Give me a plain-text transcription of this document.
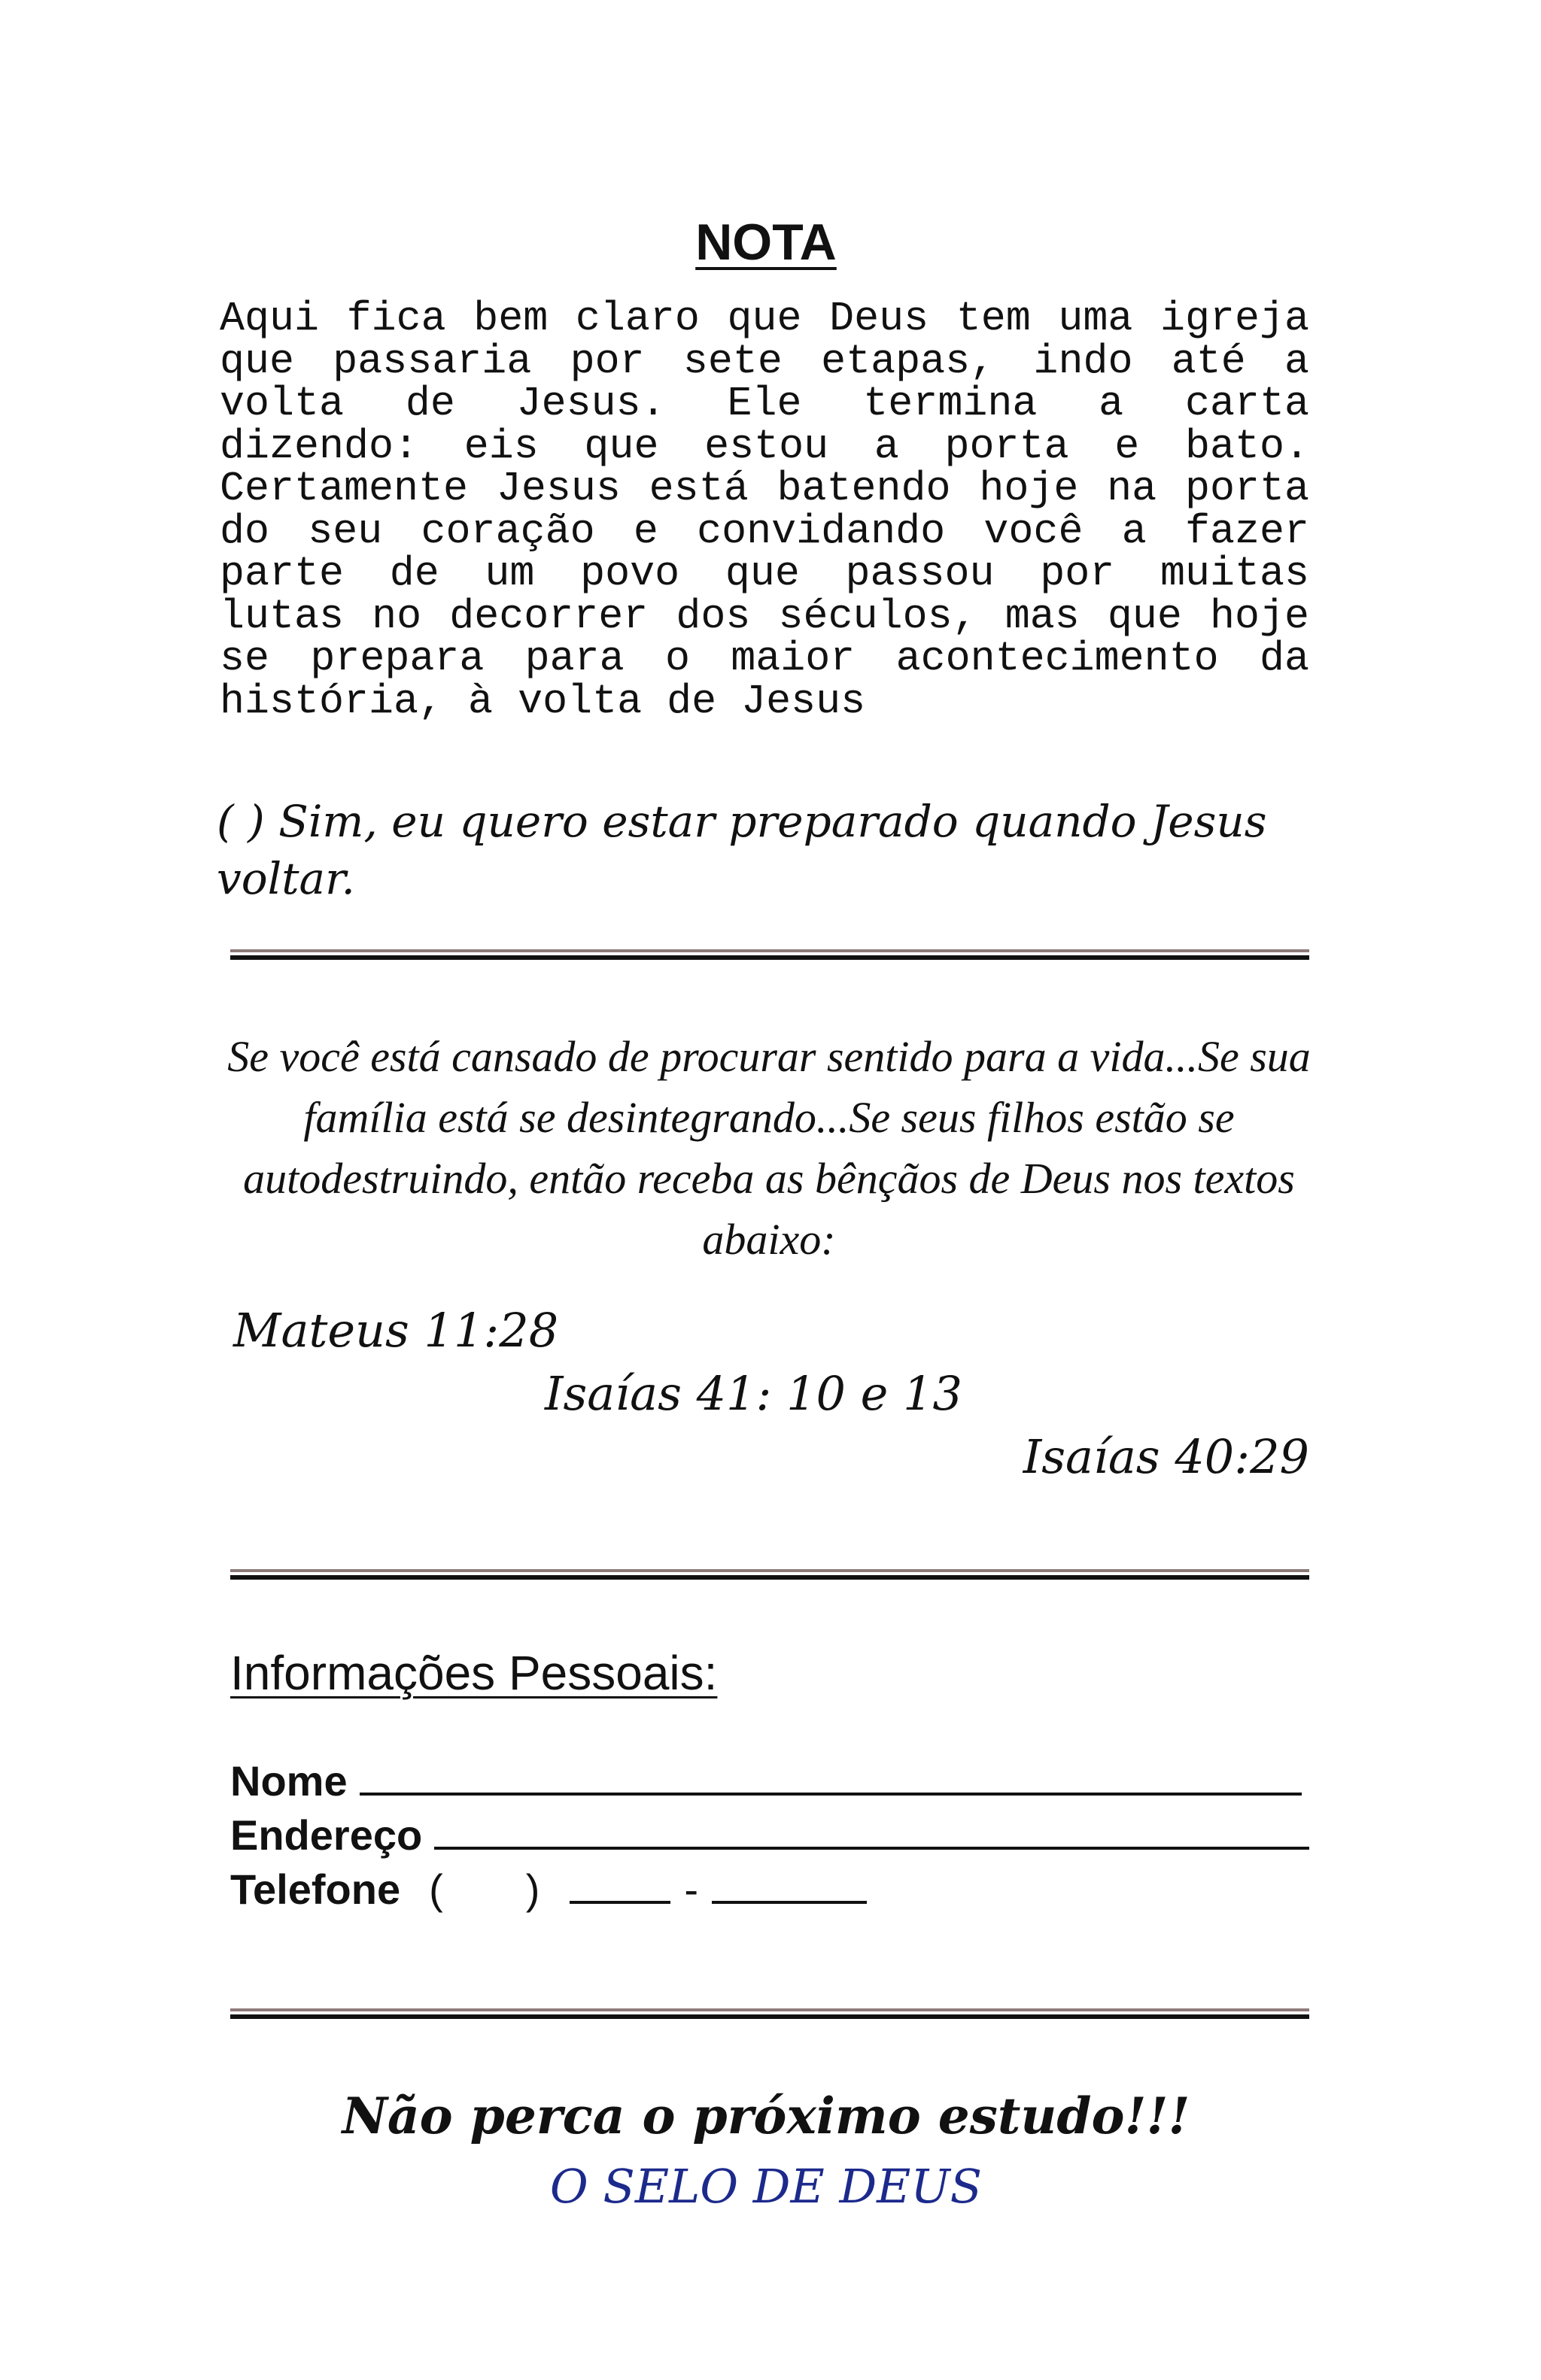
NOTA
Aqui fica bem claro que Deus tem uma igreja que passaria por sete etapas, indo até a volta de Jesus. Ele termina a carta dizendo: eis que estou a porta e bato. Certamente Jesus está batendo hoje na porta do seu coração e convidando você a fazer parte de um povo que passou por muitas lutas no decorrer dos séculos, mas que hoje se prepara para o maior acontecimento da história, à volta de Jesus
( ) Sim, eu quero estar preparado quando Jesus voltar.
Se você está cansado de procurar sentido para a vida...Se sua família está se desintegrando...Se seus filhos estão se autodestruindo, então receba as bênçãos de Deus nos textos abaixo:
Mateus 11:28
Isaías 41: 10 e 13
Isaías 40:29
Informações Pessoais:
Nome
Endereço
Telefone ( )	-
Não perca o próximo estudo!!!
O SELO DE DEUS
